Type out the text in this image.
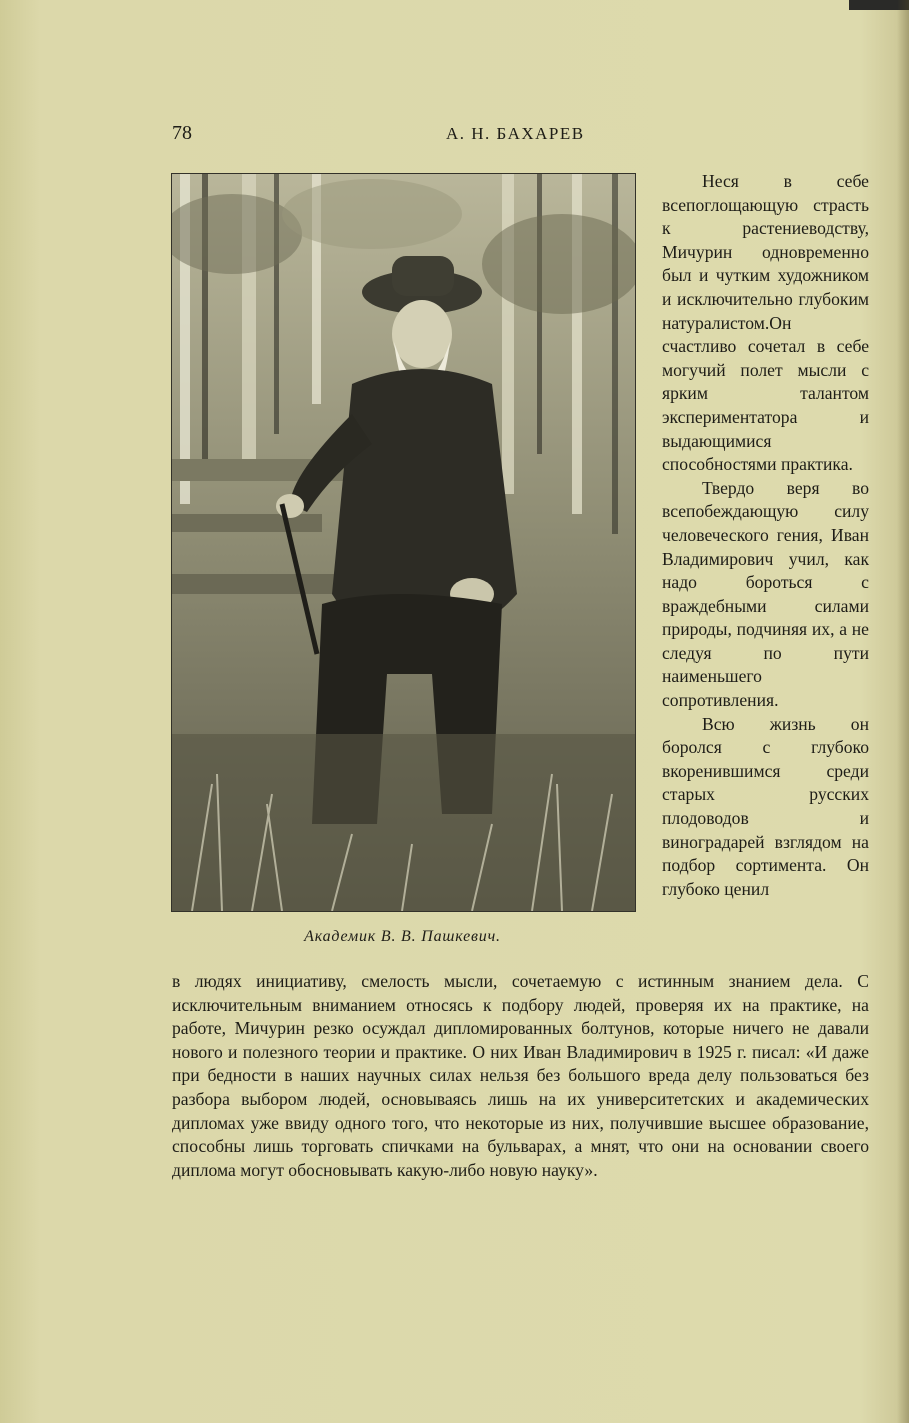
78	А. Н. БАХАРЕВ
Академик В. В. Пашкевич.

Неся в себе всепоглощающую страсть к растениеводству, Мичурин одновременно был и чутким художником и исключительно глубоким натуралистом.Он счастливо сочетал в себе могучий полет мысли с ярким талантом экспериментатора и выдающимися способностями практика.

Твердо веря во всепобеждающую силу человеческого гения, Иван Владимирович учил, как надо бороться с враждебными силами природы, подчиняя их, а не следуя по пути наименьшего сопротивления.

Всю жизнь он боролся с глубоко вкоренившимся среди старых русских плодоводов и виноградарей взглядом на подбор сортимента. Он глубоко ценил

в людях инициативу, смелость мысли, сочетаемую с истинным знанием дела. С исключительным вниманием относясь к подбору людей, проверяя их на практике, на работе, Мичурин резко осуждал дипломированных болтунов, которые ничего не давали нового и полезного теории и практике. О них Иван Владимирович в 1925 г. писал: «И даже при бедности в наших научных силах нельзя без большого вреда делу пользоваться без разбора выбором людей, основываясь лишь на их университетских и академических дипломах уже ввиду одного того, что некоторые из них, получившие высшее образование, способны лишь торговать спичками на бульварах, а мнят, что они на основании своего диплома могут обосновывать какую-либо новую науку».
